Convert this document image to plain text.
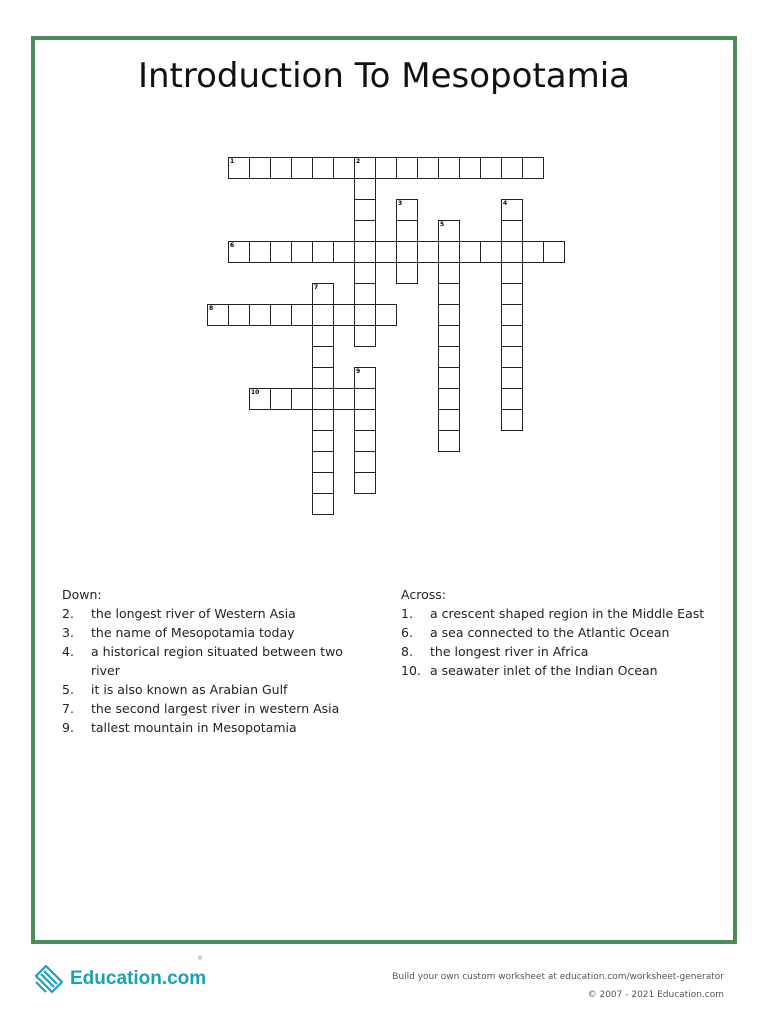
Introduction To Mesopotamia
1	2
3	4
5
6
7
8
9
10
Down:
2.	the longest river of Western Asia
3.	the name of Mesopotamia today
4.	a historical region situated between two river
5.	it is also known as Arabian Gulf
7.	the second largest river in western Asia
9.	tallest mountain in Mesopotamia
Across:
1.	a crescent shaped region in the Middle East
6.	a sea connected to the Atlantic Ocean
8.	the longest river in Africa
10. a seawater inlet of the Indian Ocean
Education.com
®
Build your own custom worksheet at education.com/worksheet-generator
© 2007 - 2021 Education.com
